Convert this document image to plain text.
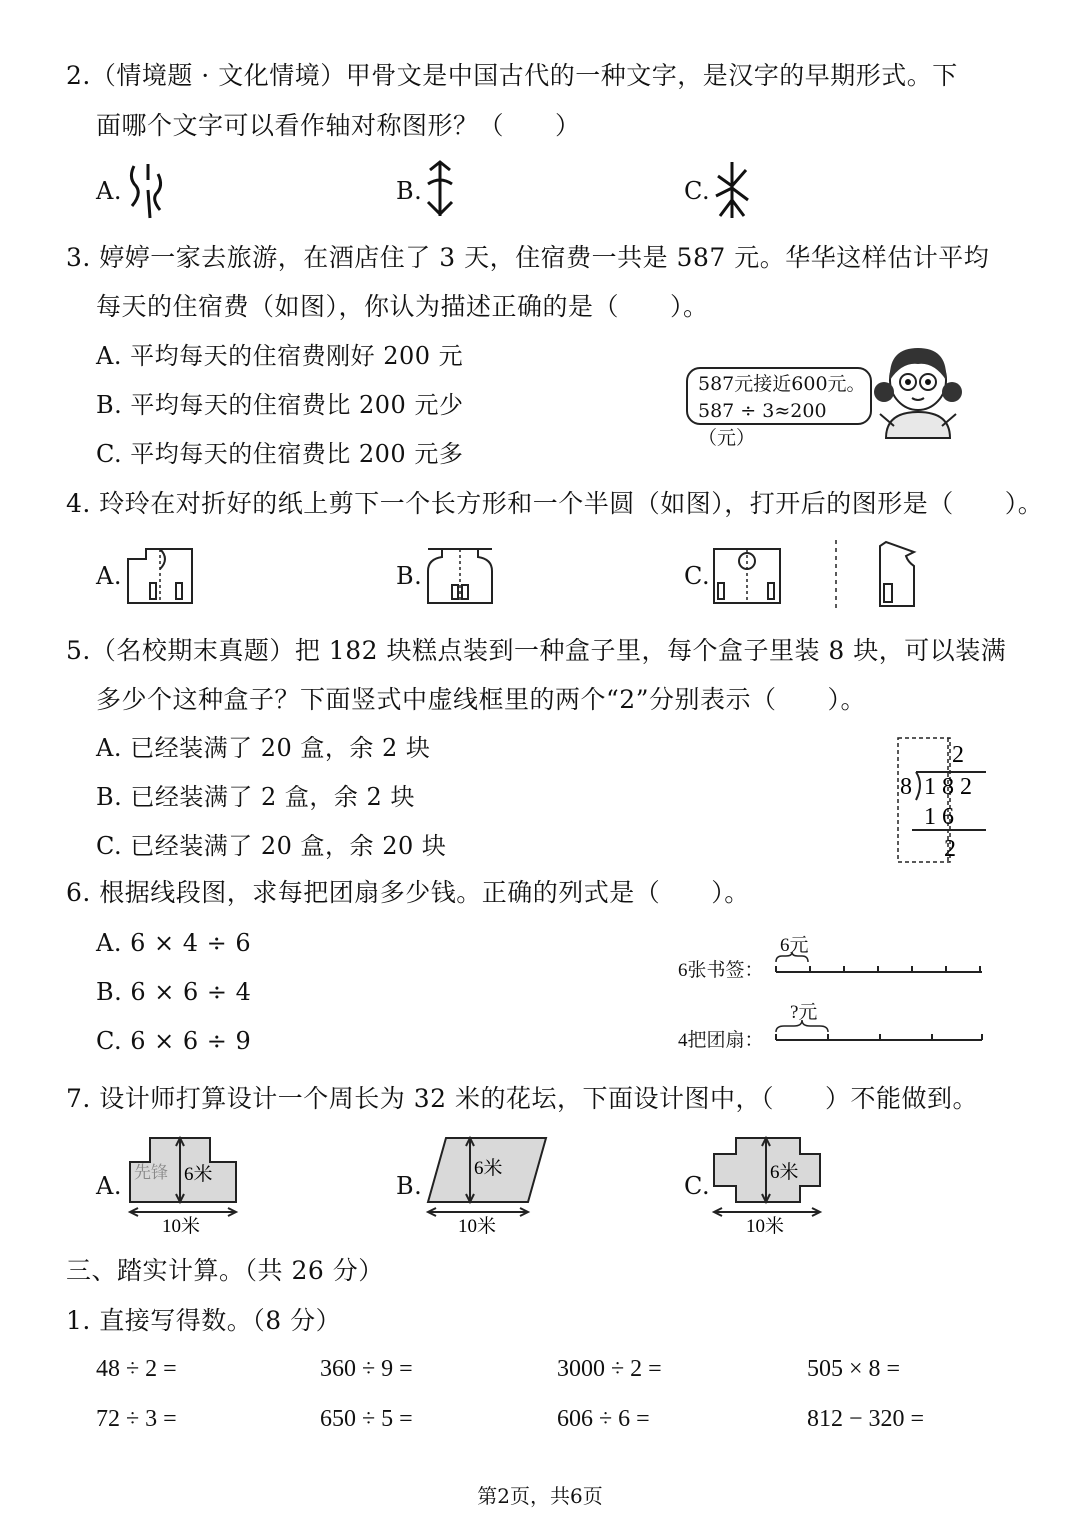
2.（情境题 · 文化情境）甲骨文是中国古代的一种文字，是汉字的早期形式。下
面哪个文字可以看作轴对称图形？（　　）
A.	B.	C.
3. 婷婷一家去旅游，在酒店住了 3 天，住宿费一共是 587 元。华华这样估计平均
每天的住宿费（如图），你认为描述正确的是（　　）。
A. 平均每天的住宿费刚好 200 元
B. 平均每天的住宿费比 200 元少
C. 平均每天的住宿费比 200 元多
587元接近600元。
587 ÷ 3≈200（元）
4. 玲玲在对折好的纸上剪下一个长方形和一个半圆（如图），打开后的图形是（　　）。
A.	B.	C.
5.（名校期末真题）把 182 块糕点装到一种盒子里，每个盒子里装 8 块，可以装满
多少个这种盒子？下面竖式中虚线框里的两个“2”分别表示（　　）。
A. 已经装满了 20 盒，余 2 块
B. 已经装满了 2 盒，余 2 块
C. 已经装满了 20 盒，余 20 块
2
8 182
16
2
6. 根据线段图，求每把团扇多少钱。正确的列式是（　　）。
A. 6 × 4 ÷ 6
B. 6 × 6 ÷ 4
C. 6 × 6 ÷ 9
6张书签：
6元
4把团扇：
?元
7. 设计师打算设计一个周长为 32 米的花坛，下面设计图中，（　　）不能做到。
A. 先锋 6米
10米
B.
6米
10米
C.	6米
10米
三、踏实计算。（共 26 分）
1. 直接写得数。（8 分）
48 ÷ 2 =	360 ÷ 9 =	3000 ÷ 2 =	505 × 8 =
72 ÷ 3 =	650 ÷ 5 =	606 ÷ 6 =	812 − 320 =
第2页，共6页
